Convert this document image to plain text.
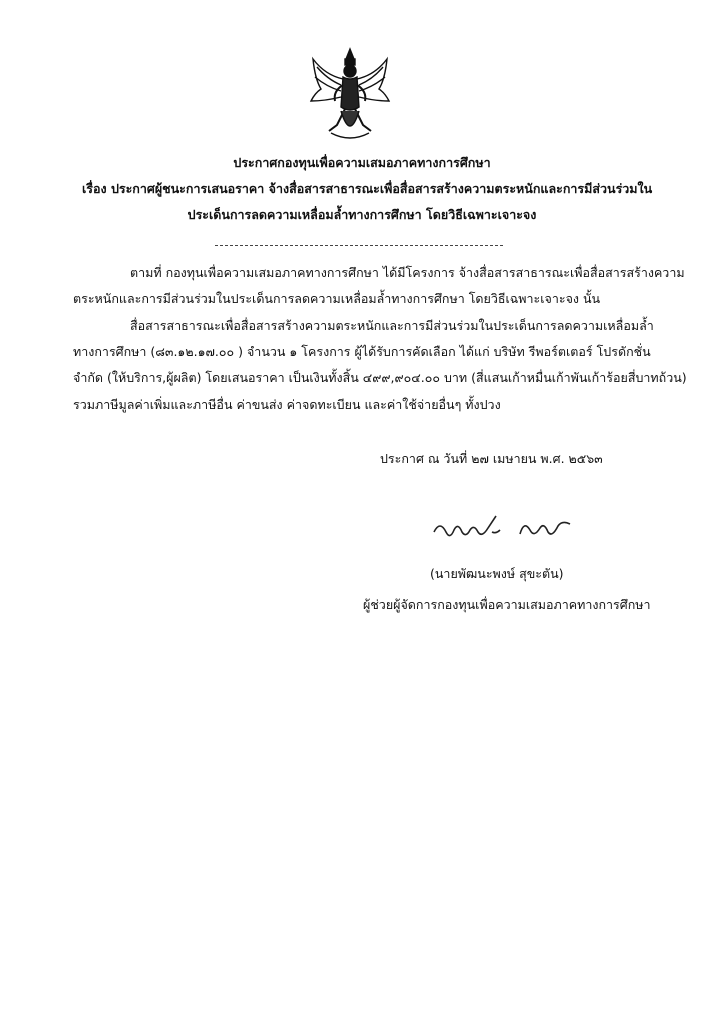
ประกาศกองทุนเพื่อความเสมอภาคทางการศึกษา
เรื่อง ประกาศผู้ชนะการเสนอราคา จ้างสื่อสารสาธารณะเพื่อสื่อสารสร้างความตระหนักและการมีส่วนร่วมใน
ประเด็นการลดความเหลื่อมล้ำทางการศึกษา โดยวิธีเฉพาะเจาะจง
ตามที่ กองทุนเพื่อความเสมอภาคทางการศึกษา ได้มีโครงการ จ้างสื่อสารสาธารณะเพื่อสื่อสารสร้างความ
ตระหนักและการมีส่วนร่วมในประเด็นการลดความเหลื่อมล้ำทางการศึกษา โดยวิธีเฉพาะเจาะจง นั้น
สื่อสารสาธารณะเพื่อสื่อสารสร้างความตระหนักและการมีส่วนร่วมในประเด็นการลดความเหลื่อมล้ำ
ทางการศึกษา (๘๓.๑๒.๑๗.๐๐ ) จำนวน ๑ โครงการ ผู้ได้รับการคัดเลือก ได้แก่ บริษัท รีพอร์ตเตอร์ โปรดักชั่น
จำกัด (ให้บริการ,ผู้ผลิต) โดยเสนอราคา เป็นเงินทั้งสิ้น ๔๙๙,๙๐๔.๐๐ บาท (สี่แสนเก้าหมื่นเก้าพันเก้าร้อยสี่บาทถ้วน)
รวมภาษีมูลค่าเพิ่มและภาษีอื่น ค่าขนส่ง ค่าจดทะเบียน และค่าใช้จ่ายอื่นๆ ทั้งปวง
ประกาศ ณ วันที่ ๒๗ เมษายน พ.ศ. ๒๕๖๓
(นายพัฒนะพงษ์ สุขะตัน)
ผู้ช่วยผู้จัดการกองทุนเพื่อความเสมอภาคทางการศึกษา
